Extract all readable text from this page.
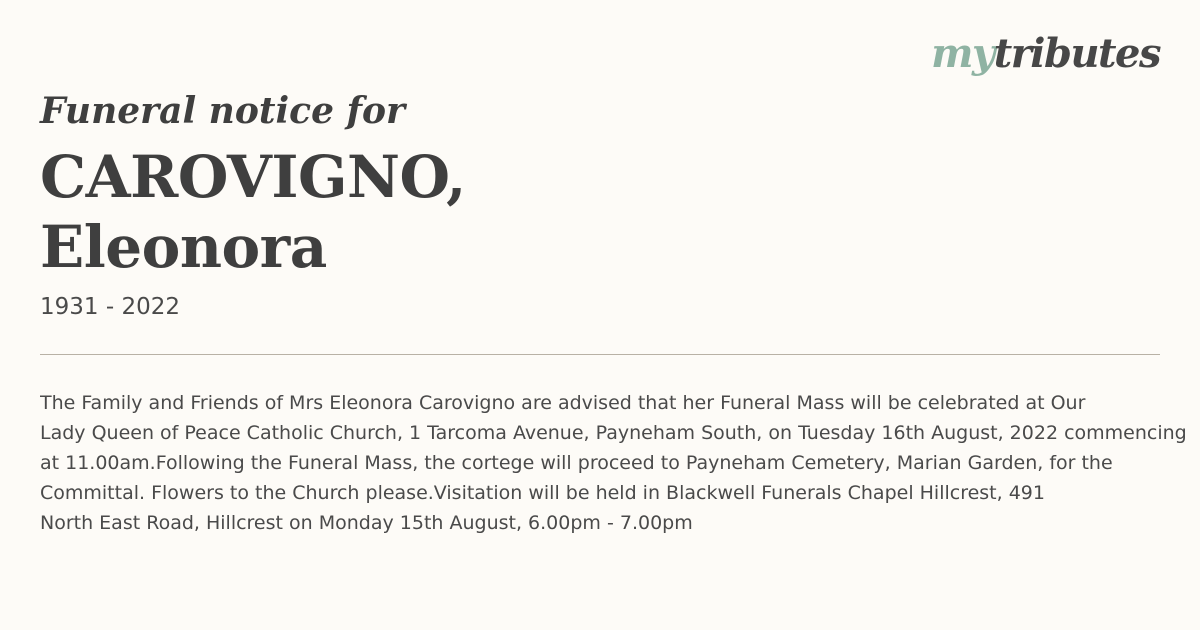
mytributes
Funeral notice for
CAROVIGNO,
Eleonora

1931 - 2022

The Family and Friends of Mrs Eleonora Carovigno are advised that her Funeral Mass will be celebrated at Our
Lady Queen of Peace Catholic Church, 1 Tarcoma Avenue, Payneham South, on Tuesday 16th August, 2022 commencing
at 11.00am.Following the Funeral Mass, the cortege will proceed to Payneham Cemetery, Marian Garden, for the
Committal. Flowers to the Church please.Visitation will be held in Blackwell Funerals Chapel Hillcrest, 491
North East Road, Hillcrest on Monday 15th August, 6.00pm - 7.00pm
